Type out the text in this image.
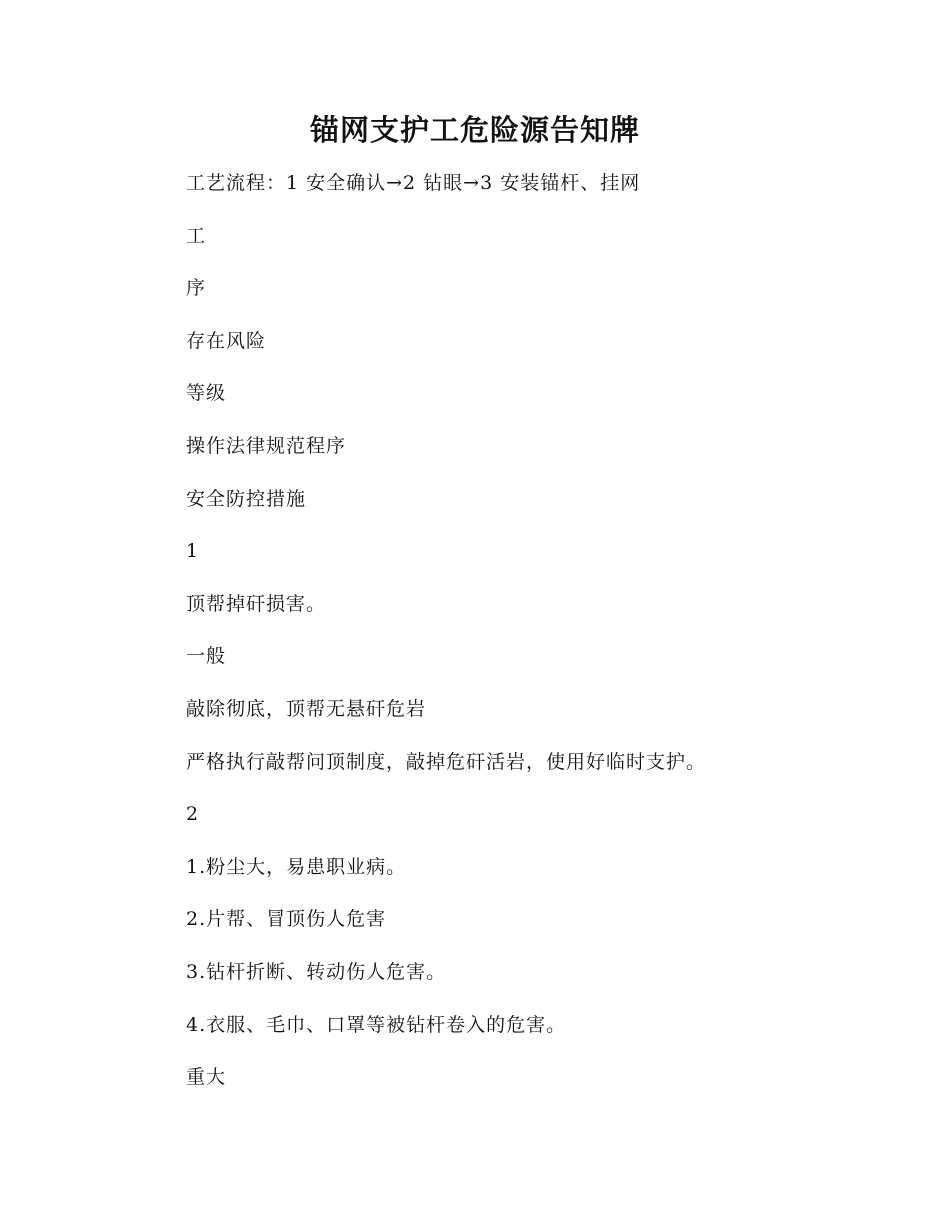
锚网支护工危险源告知牌
工艺流程：1 安全确认→2 钻眼→3 安装锚杆、挂网
工
序
存在风险
等级
操作法律规范程序
安全防控措施
1
顶帮掉矸损害。
一般
敲除彻底，顶帮无悬矸危岩
严格执行敲帮问顶制度，敲掉危矸活岩，使用好临时支护。
2
1.粉尘大，易患职业病。
2.片帮、冒顶伤人危害
3.钻杆折断、转动伤人危害。
4.衣服、毛巾、口罩等被钻杆卷入的危害。
重大
